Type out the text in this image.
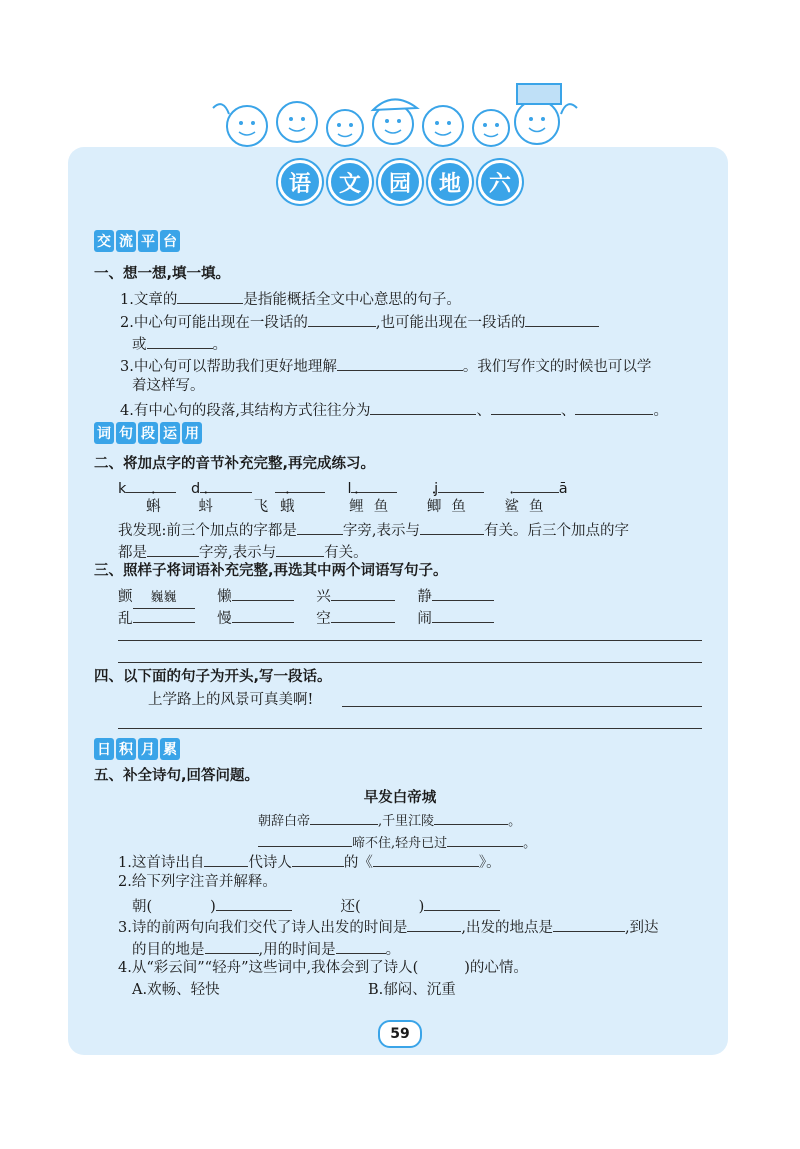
语	文	园	地	六
交 流 平 台
一、想一想,填一填。
1.文章的	是指能概括全文中心意思的句子。
2.中心句可能出现在一段话的	,也可能出现在一段话的
或	。
3.中心句可以帮助我们更好地理解	。我们写作文的时候也可以学
着这样写。
4.有中心句的段落,其结构方式往往分为	、	、	。
词 句 段 运 用
二、将加点字的音节补充完整,再完成练习。
k	d	l	j	ā
蝌	蚪	飞 蛾	鲤 鱼	鲫 鱼	鲨 鱼
我发现:前三个加点的字都是	字旁,表示与	有关。后三个加点的字
都是	字旁,表示与	有关。
三、照样子将词语补充完整,再选其中两个词语写句子。
颤 巍巍	懒	兴	静
乱	慢	空	闹
四、以下面的句子为开头,写一段话。
上学路上的风景可真美啊!
日 积 月 累
五、补全诗句,回答问题。
早发白帝城
朝辞白帝	,千里江陵	。
啼不住,轻舟已过	。
1.这首诗出自	代诗人	的《	》。
2.给下列字注音并解释。
朝(	)	还(	)
3.诗的前两句向我们交代了诗人出发的时间是	,出发的地点是	,到达
的目的地是	,用的时间是	。
4.从“彩云间”“轻舟”这些词中,我体会到了诗人(	)的心情。
A.欢畅、轻快	B.郁闷、沉重
59
